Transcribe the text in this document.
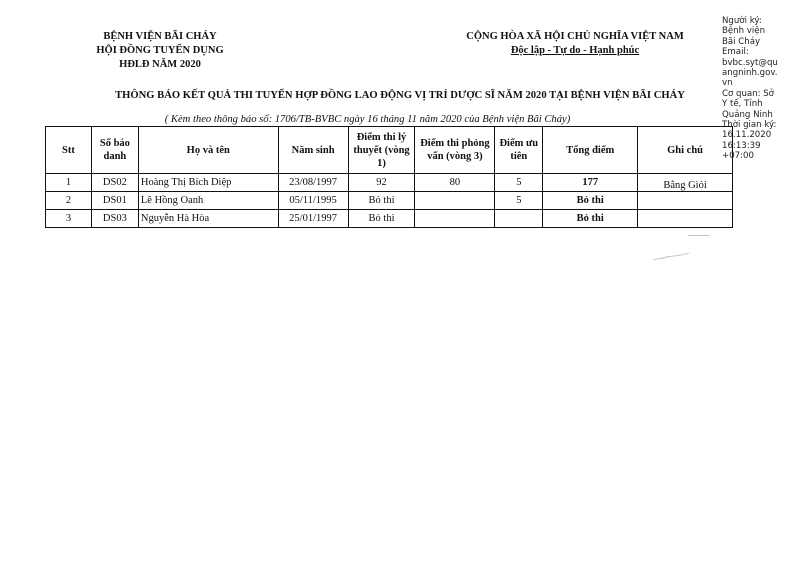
BỆNH VIỆN BÃI CHÁY
HỘI ĐỒNG TUYỂN DỤNG
HĐLĐ NĂM 2020
CỘNG HÒA XÃ HỘI CHỦ NGHĨA VIỆT NAM
Độc lập - Tự do - Hạnh phúc
Người ký:
Bệnh viện
Bãi Cháy
Email:
bvbc.syt@qu
angninh.gov.
vn
Cơ quan: Sở
Y tế, Tỉnh
Quảng Ninh
Thời gian ký:
16.11.2020
16:13:39
+07:00
THÔNG BÁO KẾT QUẢ THI TUYỂN HỢP ĐỒNG LAO ĐỘNG VỊ TRÍ DƯỢC SĨ NĂM 2020 TẠI BỆNH VIỆN BÃI CHÁY
( Kèm theo thông báo số: 1706/TB-BVBC ngày 16 tháng 11 năm 2020 của Bệnh viện Bãi Cháy)
Stt	Số báo danh	Họ và tên	Năm sinh	Điểm thi lý thuyết (vòng 1)	Điểm thi phỏng vấn (vòng 3)	Điểm ưu tiên	Tổng điểm	Ghi chú
1	DS02	Hoàng Thị Bích Diệp	23/08/1997	92	80	5	177	Bằng Giỏi
2	DS01	Lê Hồng Oanh	05/11/1995	Bỏ thi		5	Bỏ thi	
3	DS03	Nguyễn Hà Hòa	25/01/1997	Bỏ thi			Bỏ thi	
